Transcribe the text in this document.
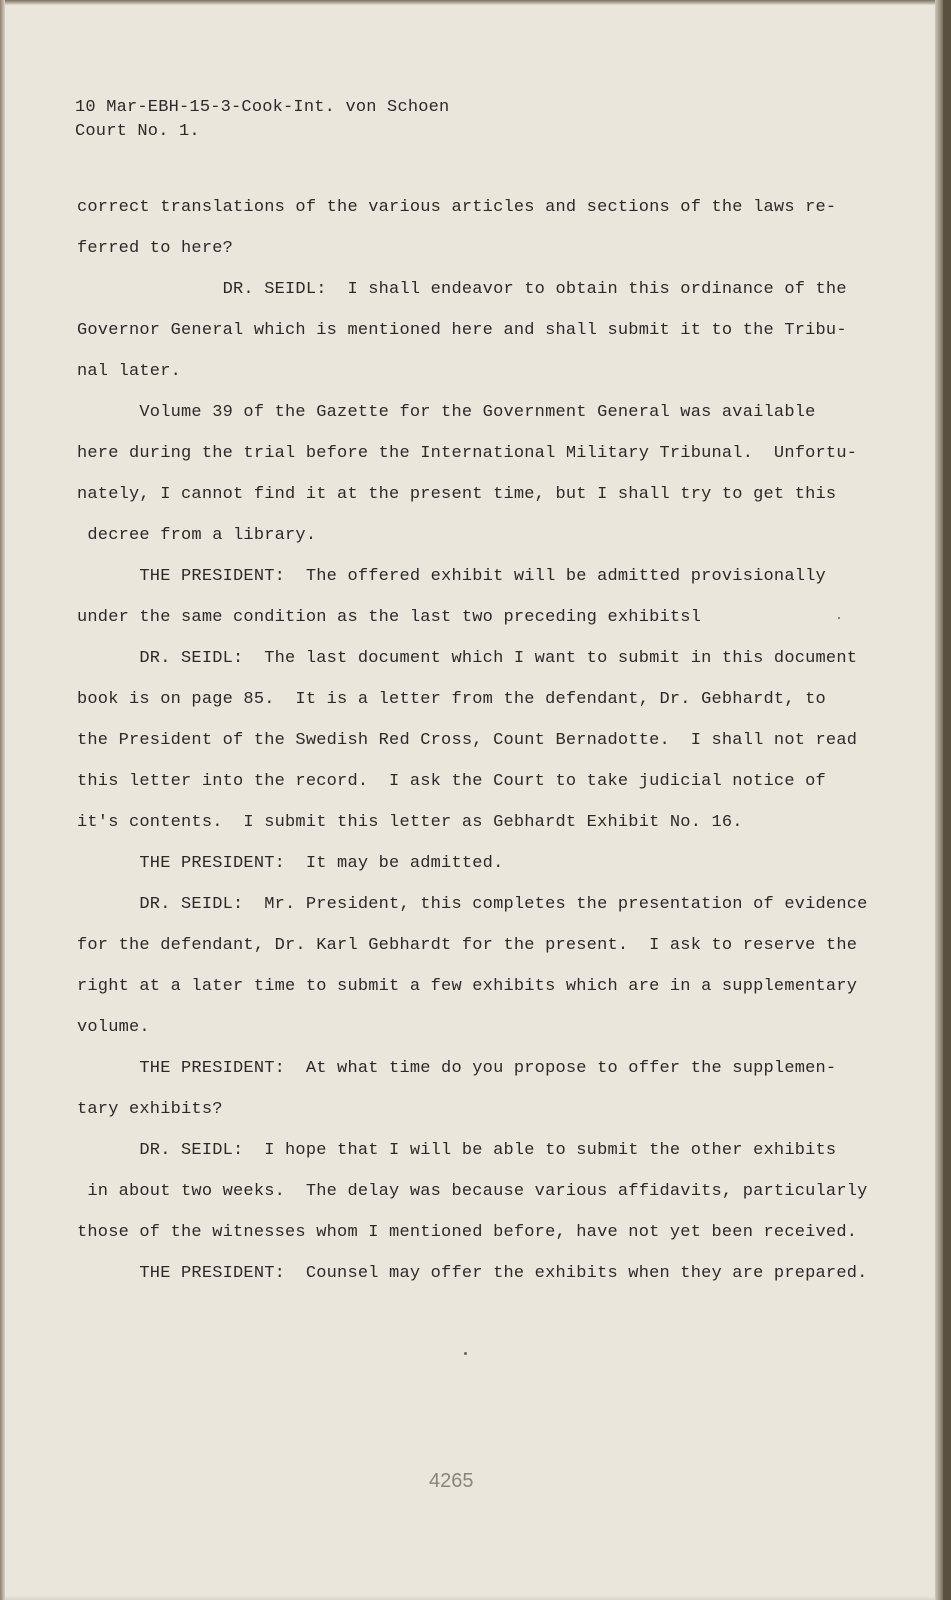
10 Mar-EBH-15-3-Cook-Int. von Schoen
Court No. 1.
correct translations of the various articles and sections of the laws re-
ferred to here?
DR. SEIDL:  I shall endeavor to obtain this ordinance of the
Governor General which is mentioned here and shall submit it to the Tribu-
nal later.
Volume 39 of the Gazette for the Government General was available
here during the trial before the International Military Tribunal.  Unfortu-
nately, I cannot find it at the present time, but I shall try to get this
decree from a library.
THE PRESIDENT:  The offered exhibit will be admitted provisionally
under the same condition as the last two preceding exhibitsl
DR. SEIDL:  The last document which I want to submit in this document
book is on page 85.  It is a letter from the defendant, Dr. Gebhardt, to
the President of the Swedish Red Cross, Count Bernadotte.  I shall not read
this letter into the record.  I ask the Court to take judicial notice of
it's contents.  I submit this letter as Gebhardt Exhibit No. 16.
THE PRESIDENT:  It may be admitted.
DR. SEIDL:  Mr. President, this completes the presentation of evidence
for the defendant, Dr. Karl Gebhardt for the present.  I ask to reserve the
right at a later time to submit a few exhibits which are in a supplementary
volume.
THE PRESIDENT:  At what time do you propose to offer the supplemen-
tary exhibits?
DR. SEIDL:  I hope that I will be able to submit the other exhibits
in about two weeks.  The delay was because various affidavits, particularly
those of the witnesses whom I mentioned before, have not yet been received.
THE PRESIDENT:  Counsel may offer the exhibits when they are prepared.
4265
